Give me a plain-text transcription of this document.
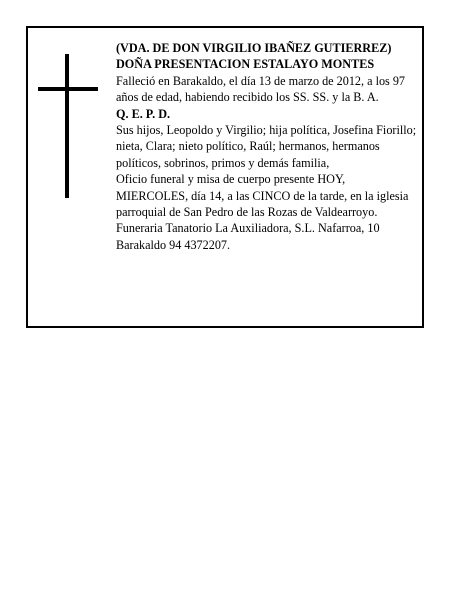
(VDA. DE DON VIRGILIO IBAÑEZ GUTIERREZ)

DOÑA PRESENTACION ESTALAYO MONTES

Falleció en Barakaldo, el día 13 de marzo de 2012, a los 97 años de edad, habiendo recibido los SS. SS. y la B. A.

Q. E. P. D.

Sus hijos, Leopoldo y Virgilio; hija política, Josefina Fiorillo; nieta, Clara; nieto político, Raúl; hermanos, hermanos políticos, sobrinos, primos y demás familia,

Oficio funeral y misa de cuerpo presente HOY, MIERCOLES, día 14, a las CINCO de la tarde, en la iglesia parroquial de San Pedro de las Rozas de Valdearroyo.

Funeraria Tanatorio La Auxiliadora, S.L. Nafarroa, 10 Barakaldo 94 4372207.
